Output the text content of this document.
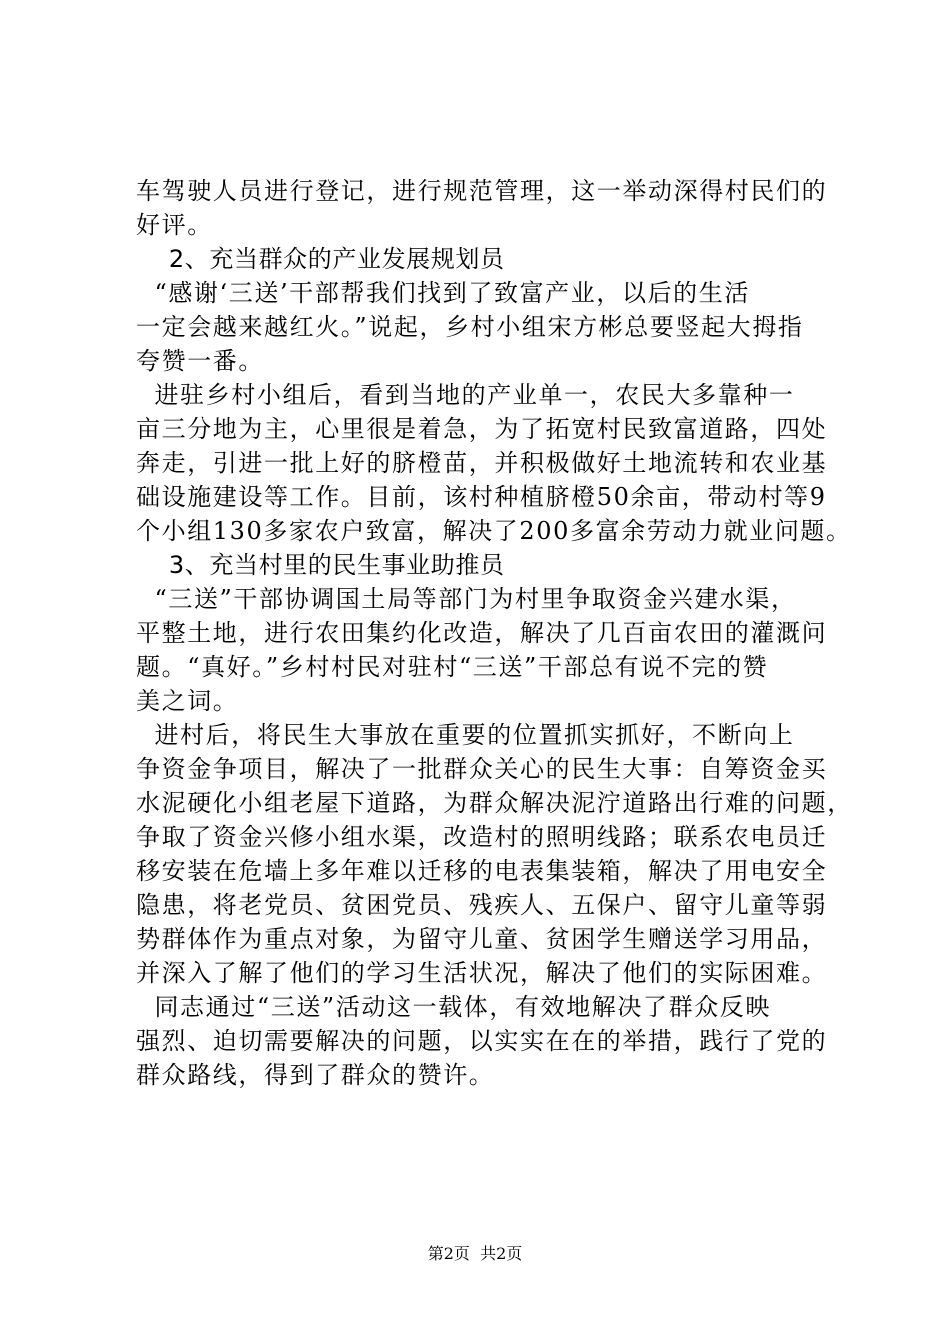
车驾驶人员进行登记，进行规范管理，这一举动深得村民们的
好评。
2、充当群众的产业发展规划员
“感谢‘三送’干部帮我们找到了致富产业，以后的生活
一定会越来越红火。”说起，乡村小组宋方彬总要竖起大拇指
夸赞一番。
进驻乡村小组后，看到当地的产业单一，农民大多靠种一
亩三分地为主，心里很是着急，为了拓宽村民致富道路，四处
奔走，引进一批上好的脐橙苗，并积极做好土地流转和农业基
础设施建设等工作。目前，该村种植脐橙50余亩，带动村等9
个小组130多家农户致富，解决了200多富余劳动力就业问题。
3、充当村里的民生事业助推员
“三送”干部协调国土局等部门为村里争取资金兴建水渠，
平整土地，进行农田集约化改造，解决了几百亩农田的灌溉问
题。“真好。”乡村村民对驻村“三送”干部总有说不完的赞
美之词。
进村后，将民生大事放在重要的位置抓实抓好，不断向上
争资金争项目，解决了一批群众关心的民生大事：自筹资金买
水泥硬化小组老屋下道路，为群众解决泥泞道路出行难的问题，
争取了资金兴修小组水渠，改造村的照明线路；联系农电员迁
移安装在危墙上多年难以迁移的电表集装箱，解决了用电安全
隐患，将老党员、贫困党员、残疾人、五保户、留守儿童等弱
势群体作为重点对象，为留守儿童、贫困学生赠送学习用品，
并深入了解了他们的学习生活状况，解决了他们的实际困难。
同志通过“三送”活动这一载体，有效地解决了群众反映
强烈、迫切需要解决的问题，以实实在在的举措，践行了党的
群众路线，得到了群众的赞许。
第2页  共2页
